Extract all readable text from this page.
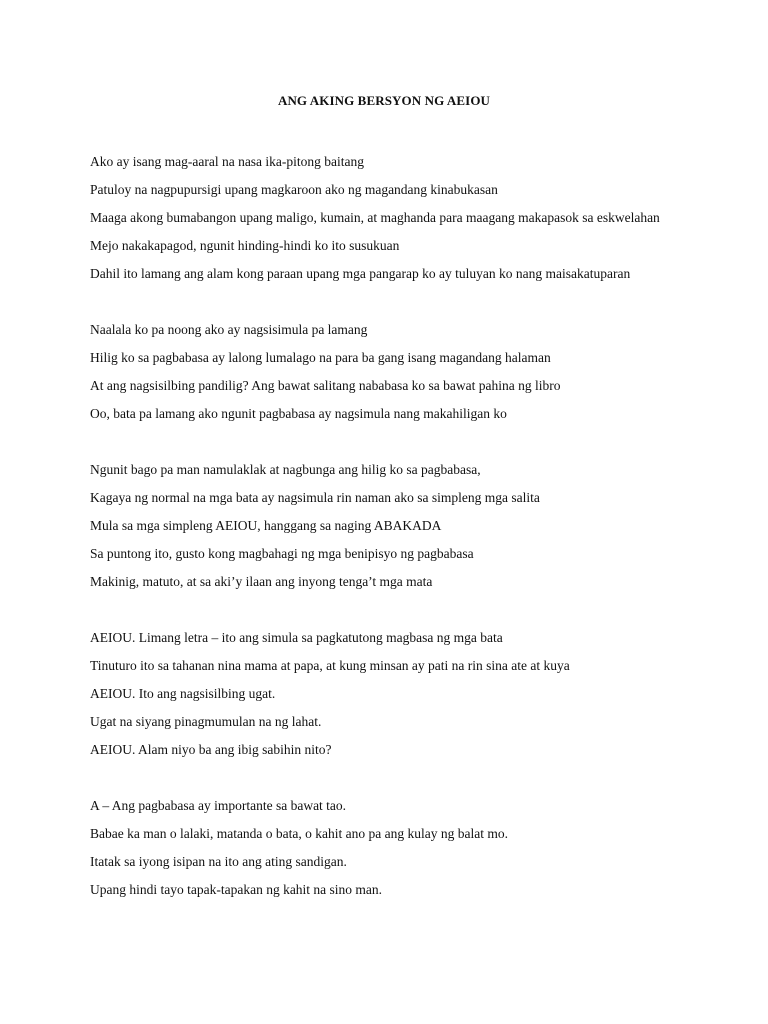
ANG AKING BERSYON NG AEIOU
Ako ay isang mag-aaral na nasa ika-pitong baitang
Patuloy na nagpupursigi upang magkaroon ako ng magandang kinabukasan
Maaga akong bumabangon upang maligo, kumain, at maghanda para maagang makapasok sa eskwelahan
Mejo nakakapagod, ngunit hinding-hindi ko ito susukuan
Dahil ito lamang ang alam kong paraan upang mga pangarap ko ay tuluyan ko nang maisakatuparan
Naalala ko pa noong ako ay nagsisimula pa lamang
Hilig ko sa pagbabasa ay lalong lumalago na para ba gang isang magandang halaman
At ang nagsisilbing pandilig? Ang bawat salitang nababasa ko sa bawat pahina ng libro
Oo, bata pa lamang ako ngunit pagbabasa ay nagsimula nang makahiligan ko
Ngunit bago pa man namulaklak at nagbunga ang hilig ko sa pagbabasa,
Kagaya ng normal na mga bata ay nagsimula rin naman ako sa simpleng mga salita
Mula sa mga simpleng AEIOU, hanggang sa naging ABAKADA
Sa puntong ito, gusto kong magbahagi ng mga benipisyo ng pagbabasa
Makinig, matuto, at sa aki’y ilaan ang inyong tenga’t mga mata
AEIOU. Limang letra – ito ang simula sa pagkatutong magbasa ng mga bata
Tinuturo ito sa tahanan nina mama at papa, at kung minsan ay pati na rin sina ate at kuya
AEIOU. Ito ang nagsisilbing ugat.
Ugat na siyang pinagmumulan na ng lahat.
AEIOU. Alam niyo ba ang ibig sabihin nito?
A – Ang pagbabasa ay importante sa bawat tao.
Babae ka man o lalaki, matanda o bata, o kahit ano pa ang kulay ng balat mo.
Itatak sa iyong isipan na ito ang ating sandigan.
Upang hindi tayo tapak-tapakan ng kahit na sino man.
